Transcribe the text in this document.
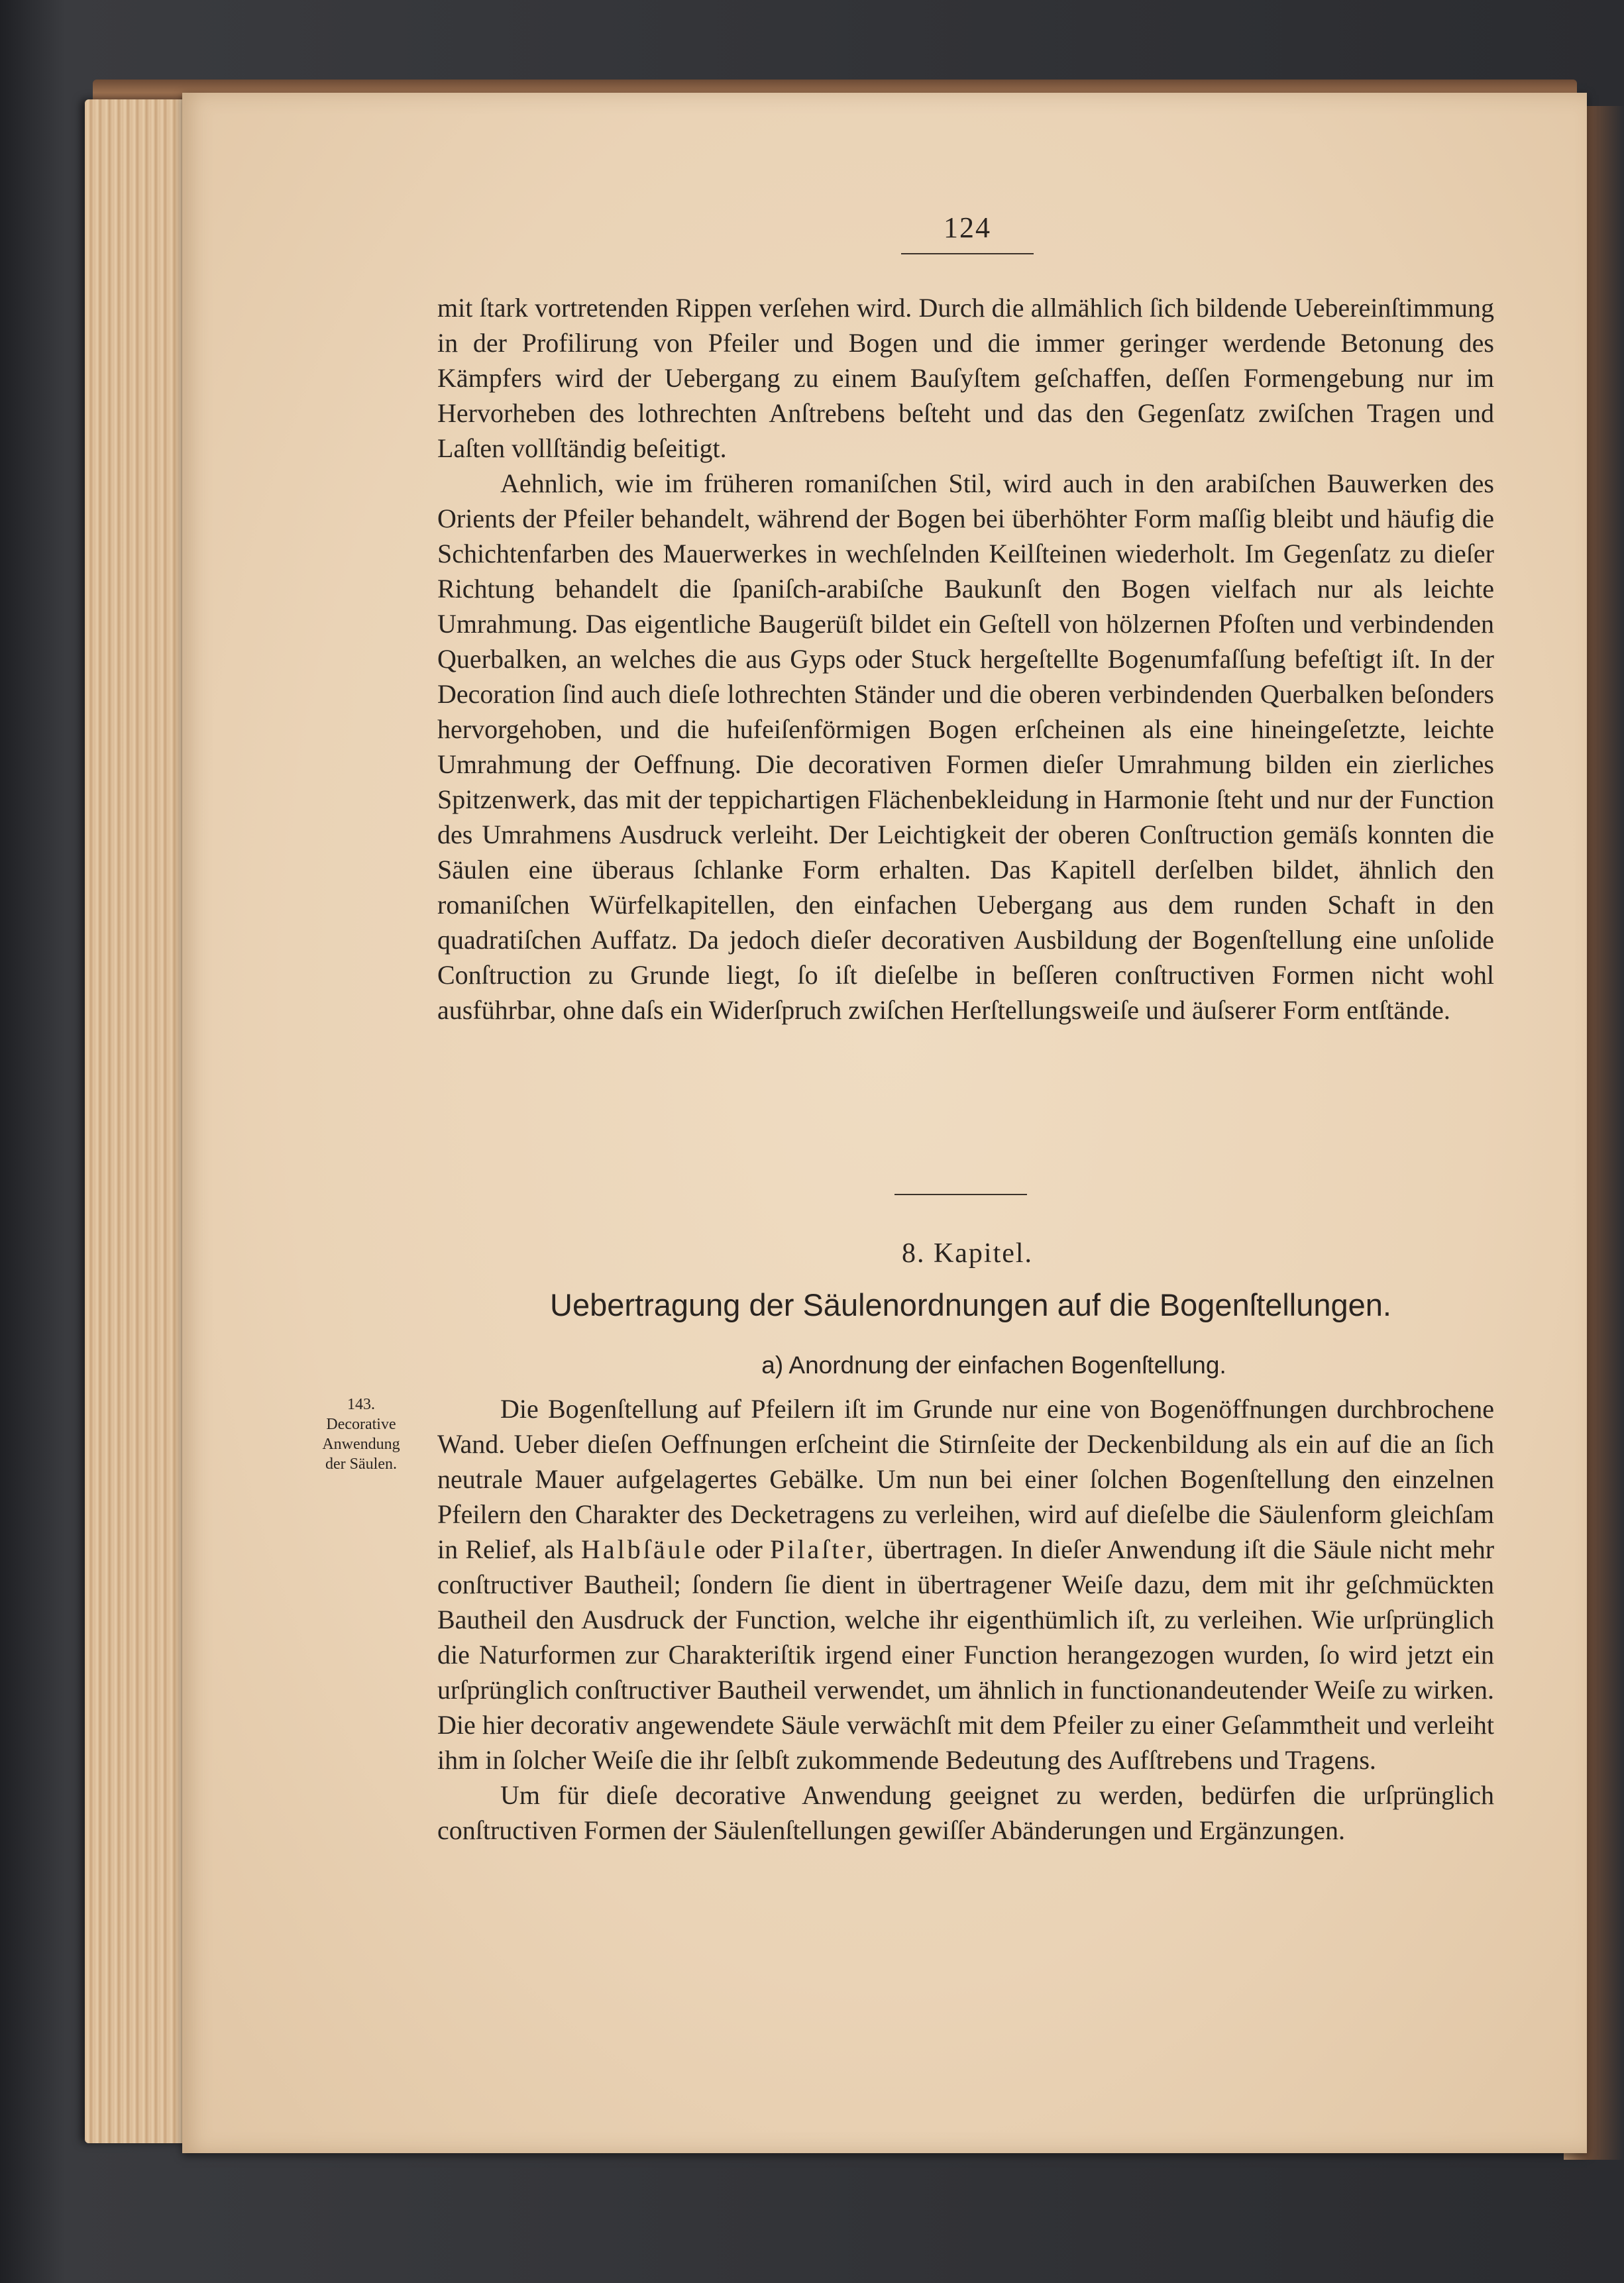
124

mit ſtark vortretenden Rippen verſehen wird. Durch die allmählich ſich bildende Uebereinſtimmung in der Profilirung von Pfeiler und Bogen und die immer geringer werdende Betonung des Kämpfers wird der Uebergang zu einem Bauſyſtem geſchaffen, deſſen Formengebung nur im Hervorheben des lothrechten Anſtrebens beſteht und das den Gegenſatz zwiſchen Tragen und Laſten vollſtändig beſeitigt.

Aehnlich, wie im früheren romaniſchen Stil, wird auch in den arabiſchen Bauwerken des Orients der Pfeiler behandelt, während der Bogen bei überhöhter Form maſſig bleibt und häufig die Schichtenfarben des Mauerwerkes in wechſelnden Keilſteinen wiederholt. Im Gegenſatz zu dieſer Richtung behandelt die ſpaniſch-arabiſche Baukunſt den Bogen vielfach nur als leichte Umrahmung. Das eigentliche Baugerüſt bildet ein Geſtell von hölzernen Pfoſten und verbindenden Querbalken, an welches die aus Gyps oder Stuck hergeſtellte Bogenumfaſſung befeſtigt iſt. In der Decoration ſind auch dieſe lothrechten Ständer und die oberen verbindenden Querbalken beſonders hervorgehoben, und die hufeiſenförmigen Bogen erſcheinen als eine hineingeſetzte, leichte Umrahmung der Oeffnung. Die decorativen Formen dieſer Umrahmung bilden ein zierliches Spitzenwerk, das mit der teppichartigen Flächenbekleidung in Harmonie ſteht und nur der Function des Umrahmens Ausdruck verleiht. Der Leichtigkeit der oberen Conſtruction gemäſs konnten die Säulen eine überaus ſchlanke Form erhalten. Das Kapitell derſelben bildet, ähnlich den romaniſchen Würfelkapitellen, den einfachen Uebergang aus dem runden Schaft in den quadratiſchen Auffatz. Da jedoch dieſer decorativen Ausbildung der Bogenſtellung eine unſolide Conſtruction zu Grunde liegt, ſo iſt dieſelbe in beſſeren conſtructiven Formen nicht wohl ausführbar, ohne daſs ein Widerſpruch zwiſchen Herſtellungsweiſe und äuſserer Form entſtände.

8. Kapitel.
Uebertragung der Säulenordnungen auf die Bogenſtellungen.
a) Anordnung der einfachen Bogenſtellung.
143.
Decorative
Anwendung
der Säulen.

Die Bogenſtellung auf Pfeilern iſt im Grunde nur eine von Bogenöffnungen durchbrochene Wand. Ueber dieſen Oeffnungen erſcheint die Stirnſeite der Deckenbildung als ein auf die an ſich neutrale Mauer aufgelagertes Gebälke. Um nun bei einer ſolchen Bogenſtellung den einzelnen Pfeilern den Charakter des Decketragens zu verleihen, wird auf dieſelbe die Säulenform gleichſam in Relief, als Halbſäule oder Pilaſter, übertragen. In dieſer Anwendung iſt die Säule nicht mehr conſtructiver Bautheil; ſondern ſie dient in übertragener Weiſe dazu, dem mit ihr geſchmückten Bautheil den Ausdruck der Function, welche ihr eigenthümlich iſt, zu verleihen. Wie urſprünglich die Naturformen zur Charakteriſtik irgend einer Function herangezogen wurden, ſo wird jetzt ein urſprünglich conſtructiver Bautheil verwendet, um ähnlich in functionandeutender Weiſe zu wirken. Die hier decorativ angewendete Säule verwächſt mit dem Pfeiler zu einer Geſammtheit und verleiht ihm in ſolcher Weiſe die ihr ſelbſt zukommende Bedeutung des Aufſtrebens und Tragens.

Um für dieſe decorative Anwendung geeignet zu werden, bedürfen die urſprünglich conſtructiven Formen der Säulenſtellungen gewiſſer Abänderungen und Ergänzungen.
